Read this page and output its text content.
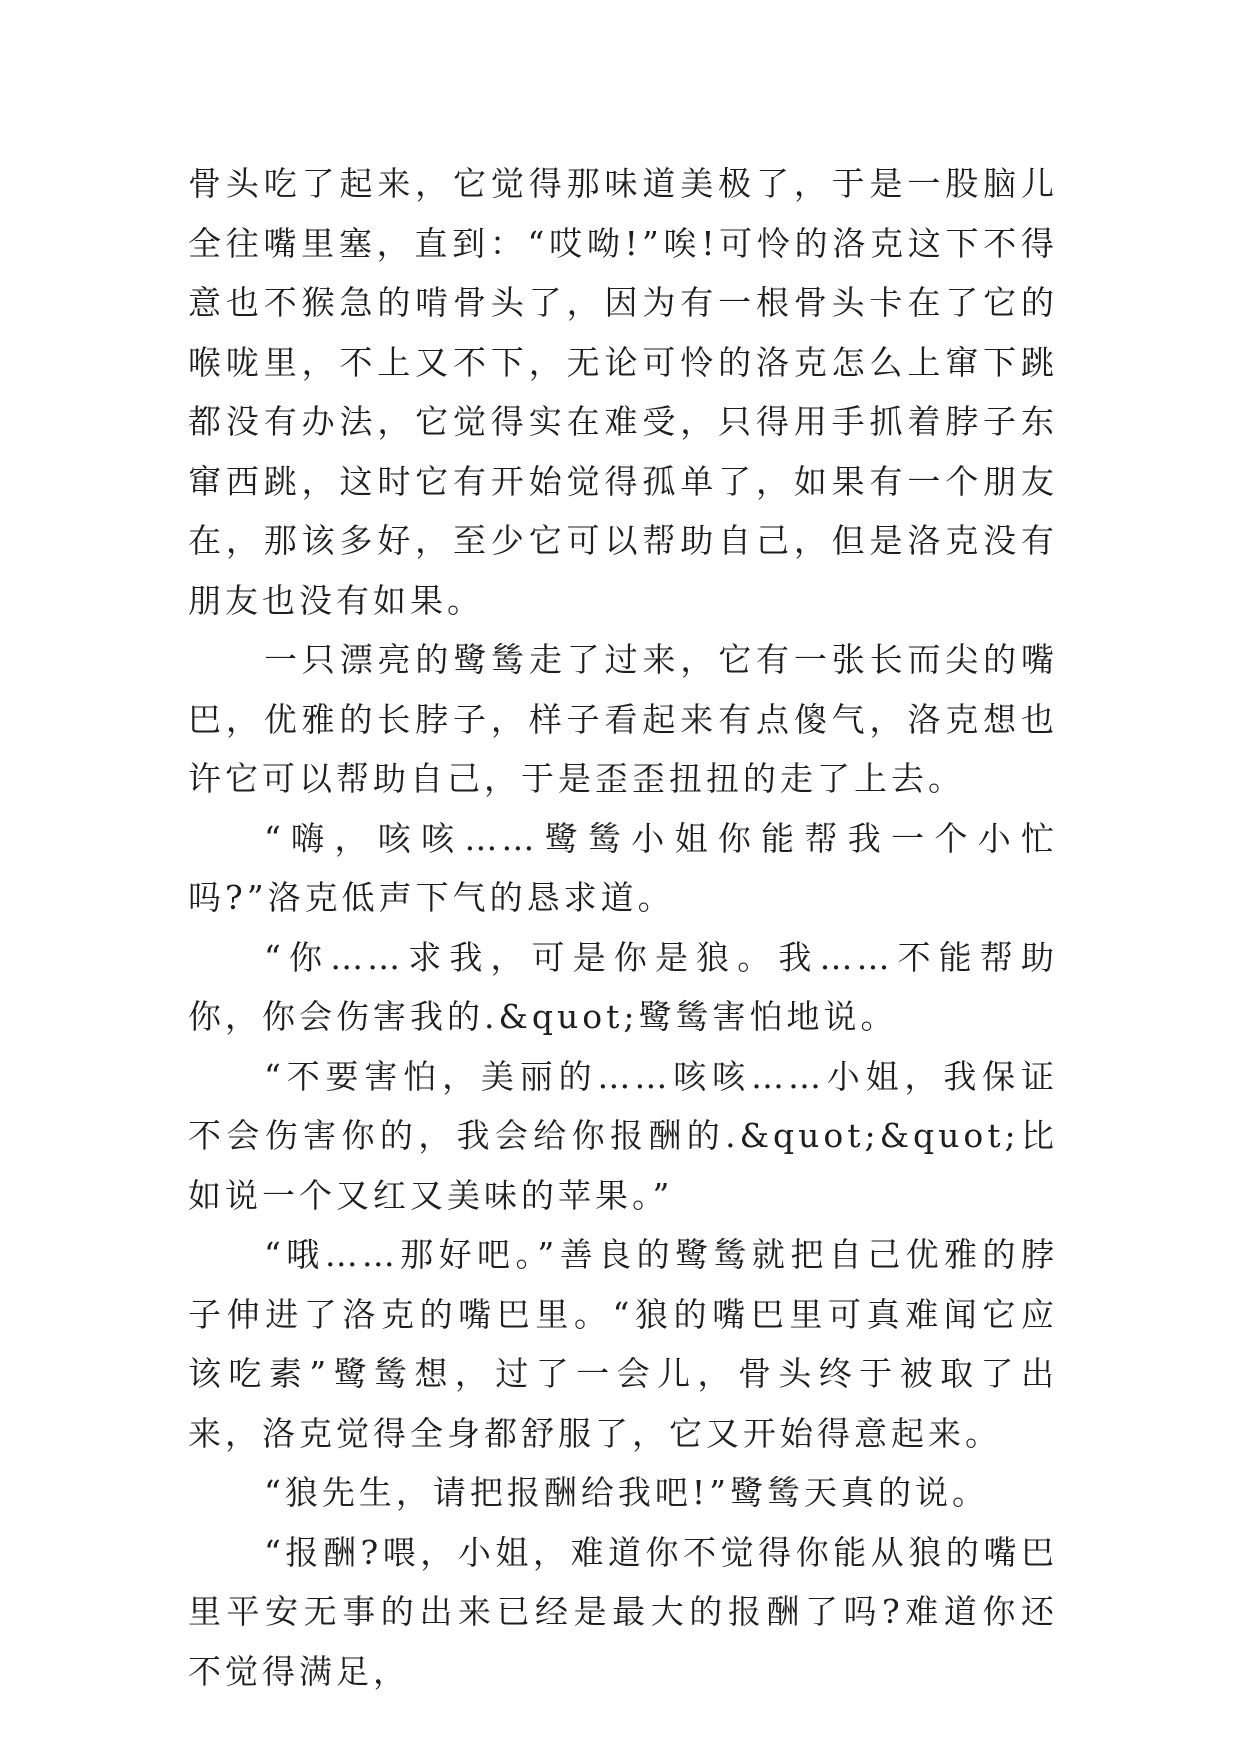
骨头吃了起来，它觉得那味道美极了，于是一股脑儿全往嘴里塞，直到：“哎呦!”唉!可怜的洛克这下不得意也不猴急的啃骨头了，因为有一根骨头卡在了它的喉咙里，不上又不下，无论可怜的洛克怎么上窜下跳都没有办法，它觉得实在难受，只得用手抓着脖子东窜西跳，这时它有开始觉得孤单了，如果有一个朋友在，那该多好，至少它可以帮助自己，但是洛克没有朋友也没有如果。

一只漂亮的鹭鸶走了过来，它有一张长而尖的嘴巴，优雅的长脖子，样子看起来有点傻气，洛克想也许它可以帮助自己，于是歪歪扭扭的走了上去。

“嗨，咳咳……鹭鸶小姐你能帮我一个小忙吗?”洛克低声下气的恳求道。

“你……求我，可是你是狼。我……不能帮助你，你会伤害我的.&quot;鹭鸶害怕地说。

“不要害怕，美丽的……咳咳……小姐，我保证不会伤害你的，我会给你报酬的.&quot;&quot;比如说一个又红又美味的苹果。”

“哦……那好吧。”善良的鹭鸶就把自己优雅的脖子伸进了洛克的嘴巴里。“狼的嘴巴里可真难闻它应该吃素”鹭鸶想，过了一会儿，骨头终于被取了出来，洛克觉得全身都舒服了，它又开始得意起来。

“狼先生，请把报酬给我吧!”鹭鸶天真的说。

“报酬?喂，小姐，难道你不觉得你能从狼的嘴巴里平安无事的出来已经是最大的报酬了吗?难道你还不觉得满足，
